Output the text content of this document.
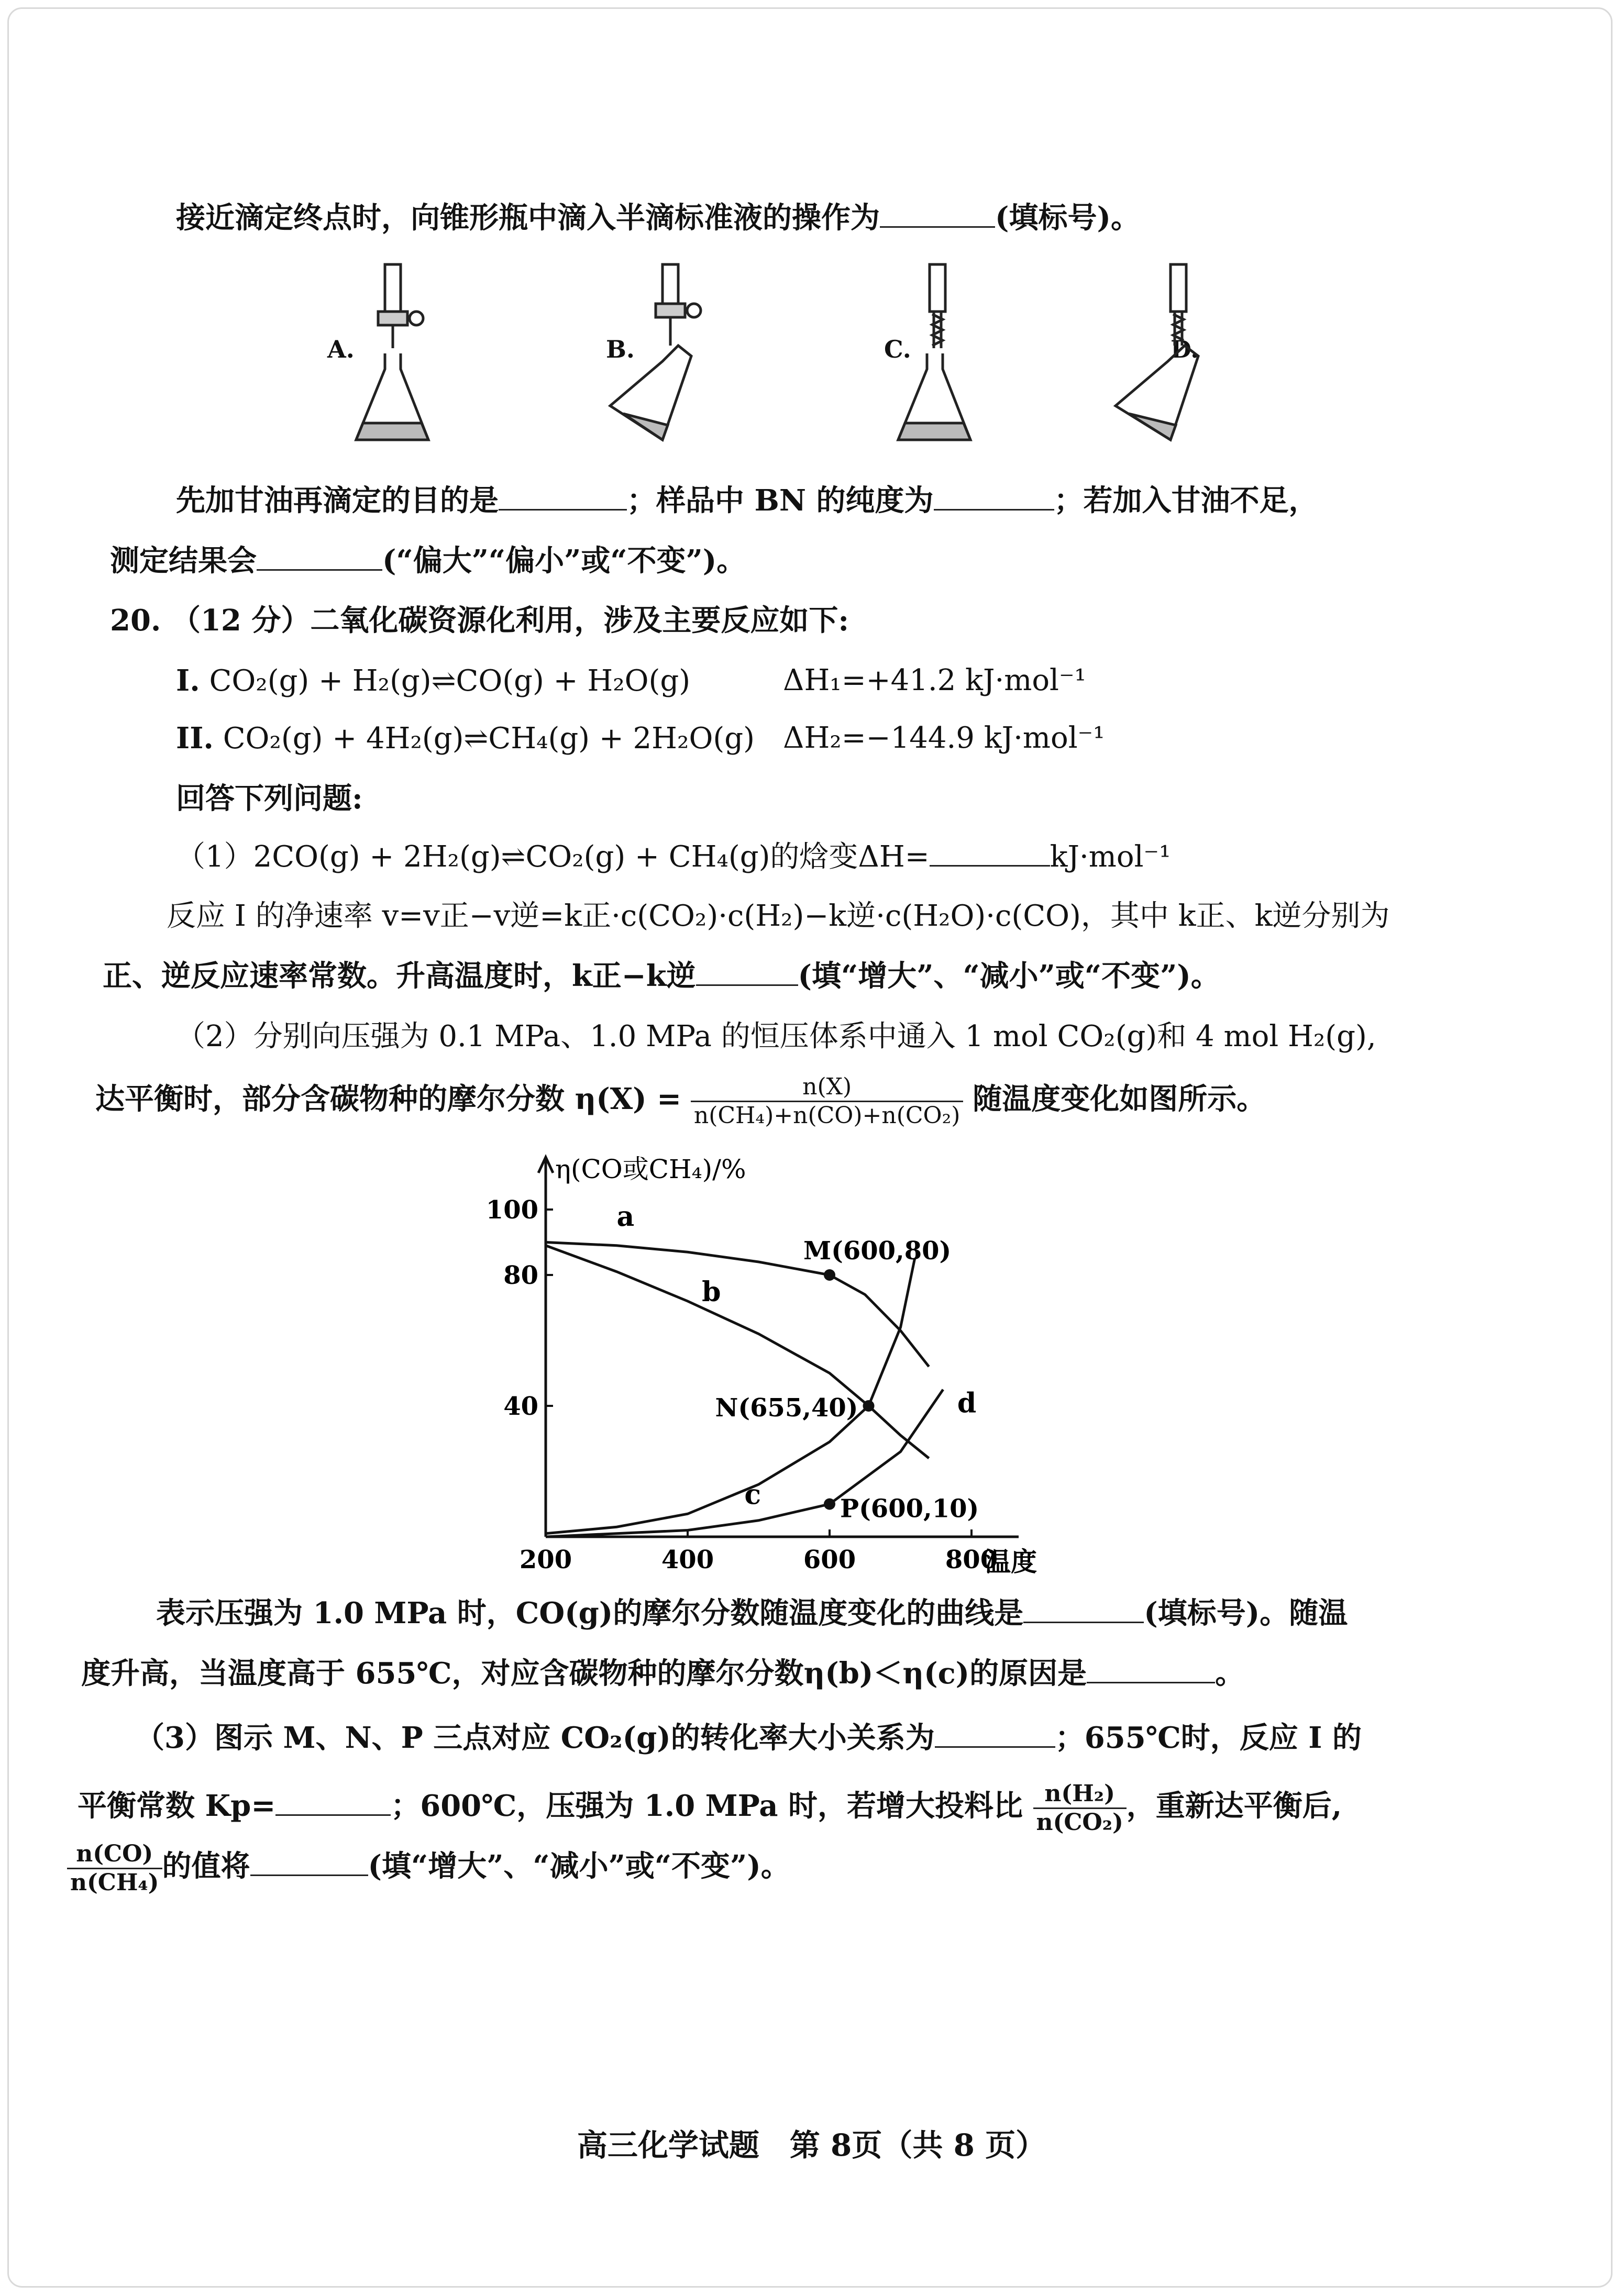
接近滴定终点时，向锥形瓶中滴入半滴标准液的操作为	(填标号)。
A.	B.	C.	D.
先加甘油再滴定的目的是	；样品中 BN 的纯度为	；若加入甘油不足，
测定结果会	(“偏大”“偏小”或“不变”)。
20. （12 分）二氧化碳资源化利用，涉及主要反应如下:
I. CO₂(g) + H₂(g)⇌CO(g) + H₂O(g)	ΔH₁=+41.2 kJ·mol⁻¹
II. CO₂(g) + 4H₂(g)⇌CH₄(g) + 2H₂O(g) ΔH₂=−144.9 kJ·mol⁻¹
回答下列问题:
（1）2CO(g) + 2H₂(g)⇌CO₂(g) + CH₄(g)的焓变ΔH=	kJ·mol⁻¹
反应 I 的净速率 v=v正−v逆=k正·c(CO₂)·c(H₂)−k逆·c(H₂O)·c(CO)，其中 k正、k逆分别为
正、逆反应速率常数。升高温度时，k正−k逆	(填“增大”、“减小”或“不变”)。
（2）分别向压强为 0.1 MPa、1.0 MPa 的恒压体系中通入 1 mol CO₂(g)和 4 mol H₂(g),
达平衡时，部分含碳物种的摩尔分数 $\eta(X) = \frac{n(X)}{\text{n(CH₄)+n(CO)+n(CO₂)}}$ 随温度变化如图所示。
200	400	600	800
100
80
40
a
b
c
d
M(600,80)
N(655,40)
P(600,10)
η(CO或CH₄)/%
温度
表示压强为 1.0 MPa 时，CO(g)的摩尔分数随温度变化的曲线是	(填标号)。随温
度升高，当温度高于 655℃，对应含碳物种的摩尔分数η(b)＜η(c)的原因是	。
（3）图示 M、N、P 三点对应 CO₂(g)的转化率大小关系为	；655℃时，反应 I 的
平衡常数 Kp=	；600℃，压强为 1.0 MPa 时，若增大投料比 $\frac{\text{n(H₂)}}{\text{n(CO₂)}}$ ，重新达平衡后,
$\frac{n(CO)}{\text{n(CH₄)}}$ 的值将	(填“增大”、“减小”或“不变”)。
高三化学试题　第 8页（共 8 页）
